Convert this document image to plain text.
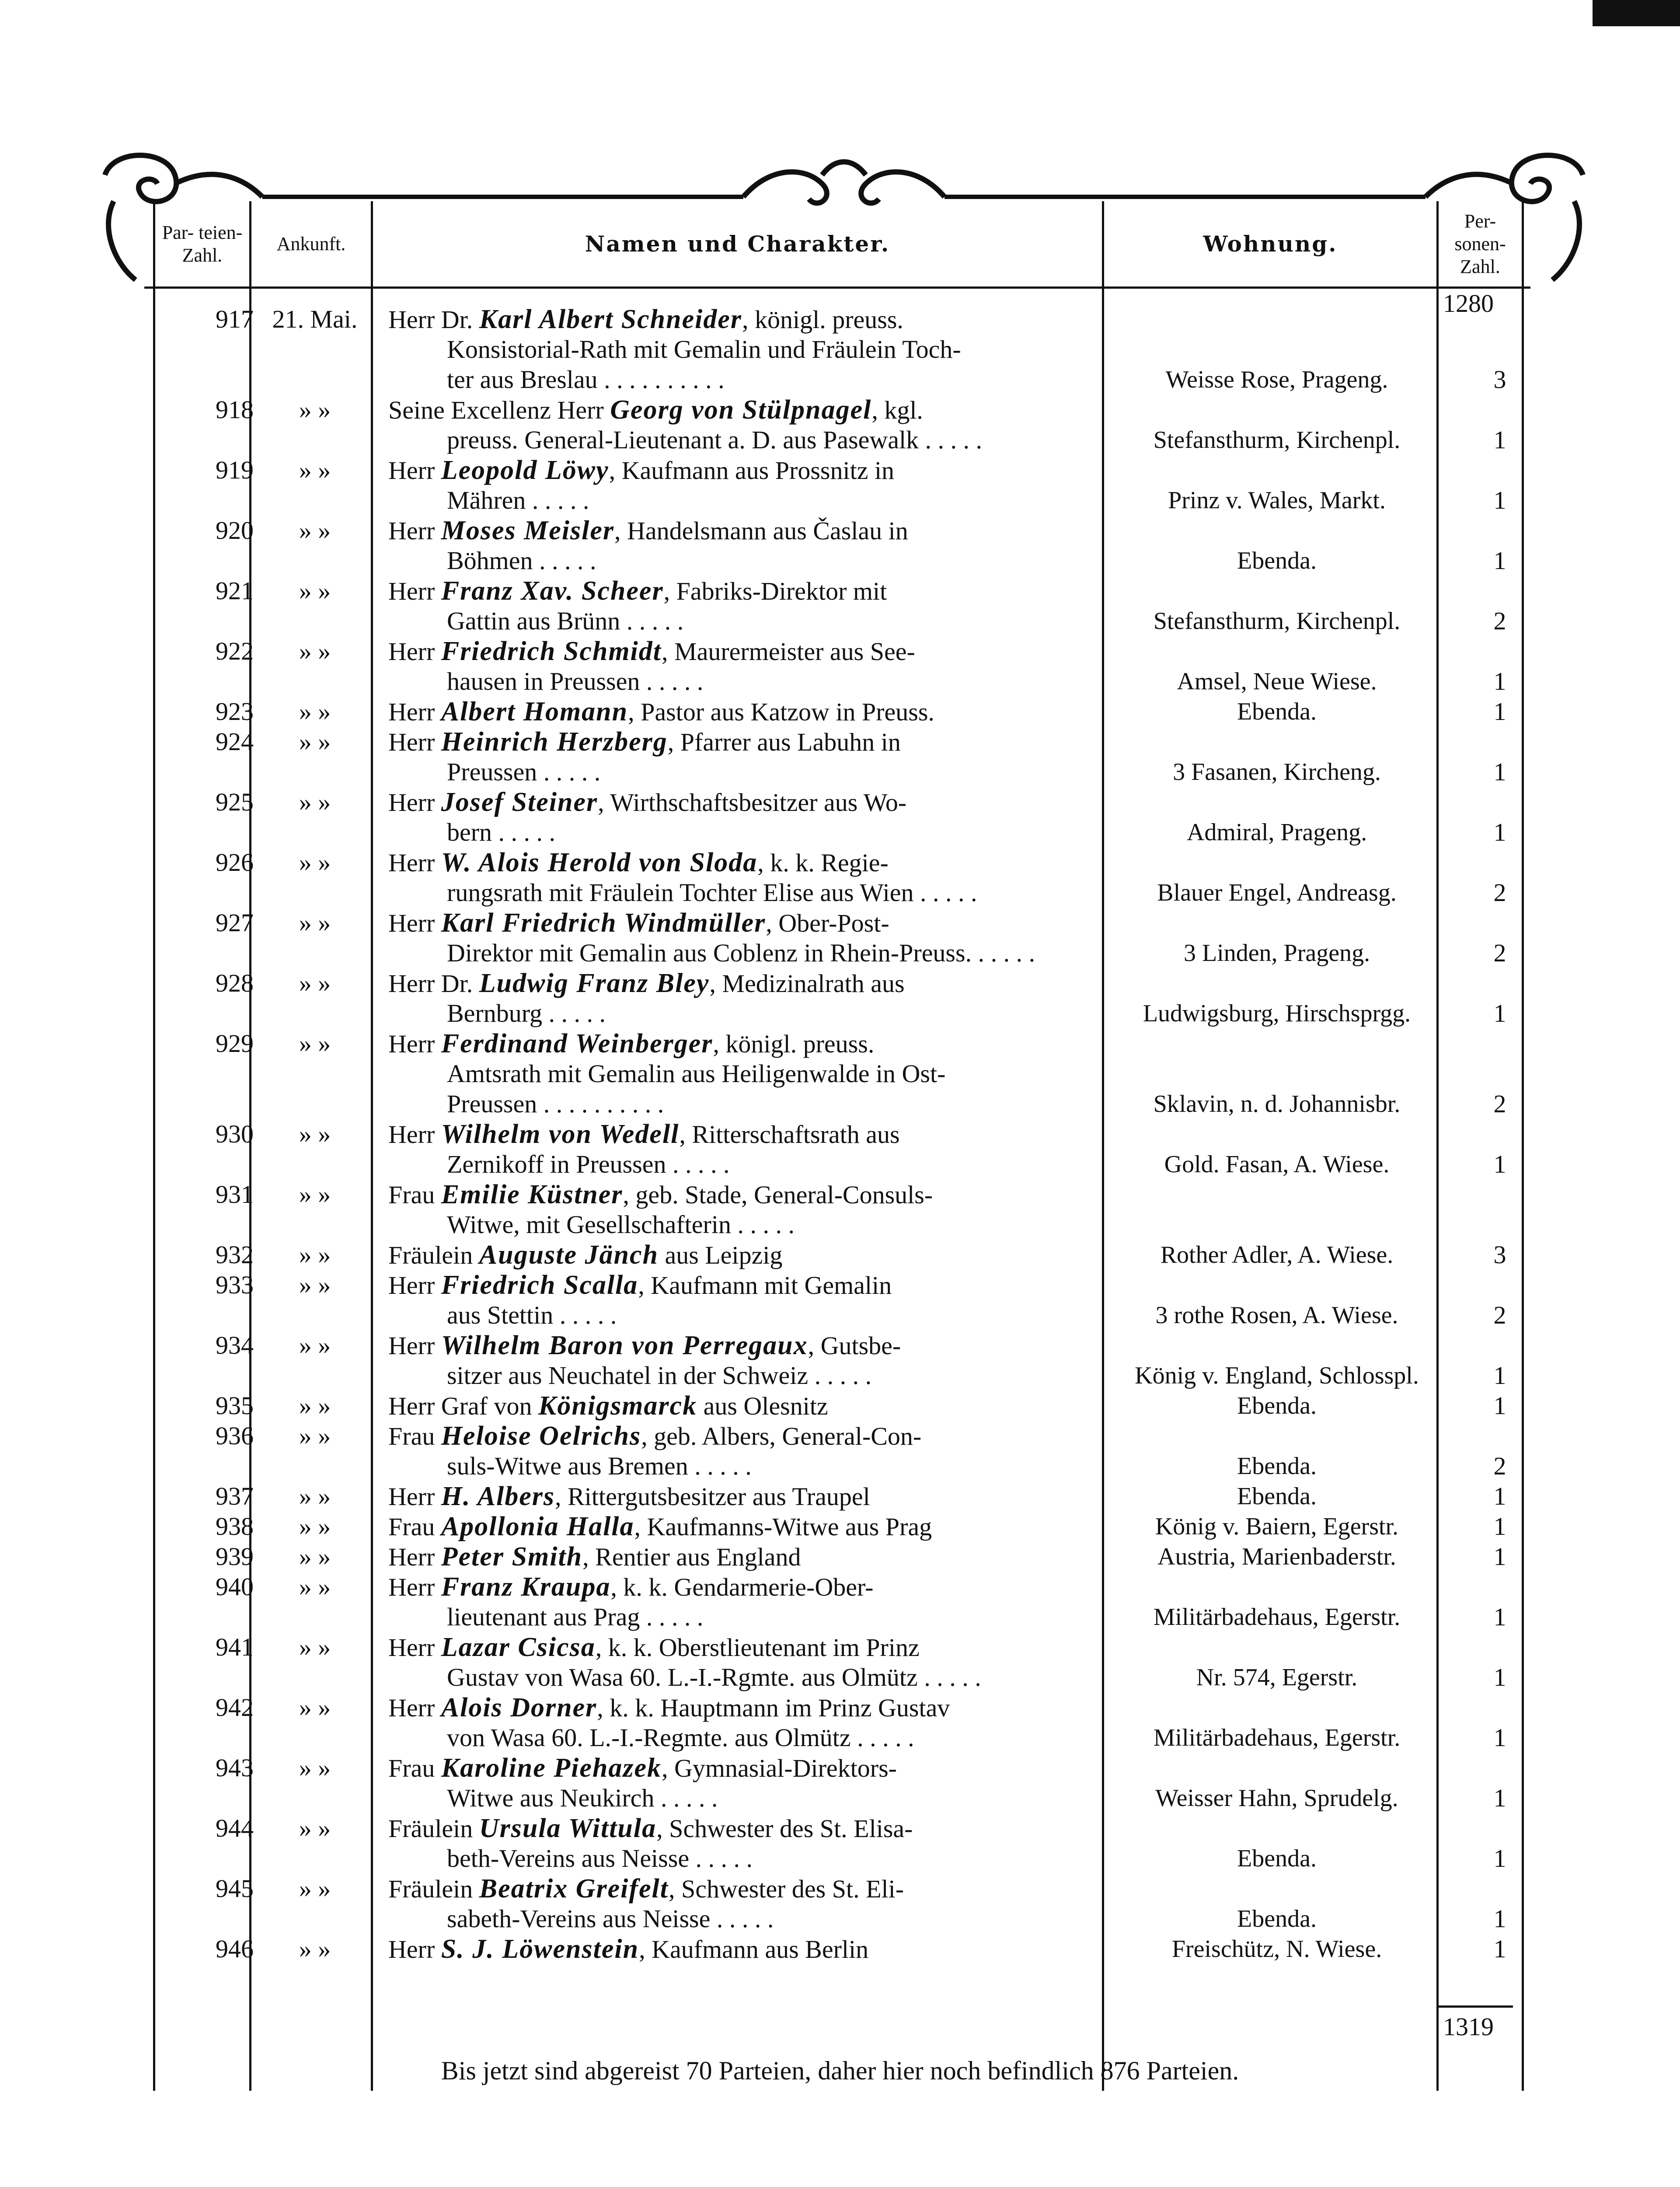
Par- teien- Zahl.
Ankunft.	Namen und Charakter.	Wohnung.
Per- sonen- Zahl.
1280
917 21. Mai.	Herr Dr. Karl Albert Schneider, königl. preuss.
Konsistorial-Rath mit Gemalin und Fräulein Toch-
ter aus Breslau . . . . . . . . . .	Weisse Rose, Prageng.	3
918	» »	Seine Excellenz Herr Georg von Stülpnagel, kgl.
preuss. General-Lieutenant a. D. aus Pasewalk . . . . .	Stefansthurm, Kirchenpl.	1
919	» »	Herr Leopold Löwy, Kaufmann aus Prossnitz in
Mähren . . . . .	Prinz v. Wales, Markt.	1
920	» »	Herr Moses Meisler, Handelsmann aus Časlau in
Böhmen . . . . .	Ebenda.	1
921	» »	Herr Franz Xav. Scheer, Fabriks-Direktor mit
Gattin aus Brünn . . . . .	Stefansthurm, Kirchenpl.	2
922	» »	Herr Friedrich Schmidt, Maurermeister aus See-
hausen in Preussen . . . . .	Amsel, Neue Wiese.	1
923	» »	Herr Albert Homann, Pastor aus Katzow in Preuss.	Ebenda.	1
924	» »	Herr Heinrich Herzberg, Pfarrer aus Labuhn in
Preussen . . . . .	3 Fasanen, Kircheng.	1
925	» »	Herr Josef Steiner, Wirthschaftsbesitzer aus Wo-
bern . . . . .	Admiral, Prageng.	1
926	» »	Herr W. Alois Herold von Sloda, k. k. Regie-
rungsrath mit Fräulein Tochter Elise aus Wien . . . . .	Blauer Engel, Andreasg.	2
927	» »	Herr Karl Friedrich Windmüller, Ober-Post-
Direktor mit Gemalin aus Coblenz in Rhein-Preuss. . . . . .	3 Linden, Prageng.	2
928	» »	Herr Dr. Ludwig Franz Bley, Medizinalrath aus
Bernburg . . . . .	Ludwigsburg, Hirschsprgg.	1
929	» »	Herr Ferdinand Weinberger, königl. preuss.
Amtsrath mit Gemalin aus Heiligenwalde in Ost-
Preussen . . . . . . . . . .	Sklavin, n. d. Johannisbr.	2
930	» »	Herr Wilhelm von Wedell, Ritterschaftsrath aus
Zernikoff in Preussen . . . . .	Gold. Fasan, A. Wiese.	1
931	» »	Frau Emilie Küstner, geb. Stade, General-Consuls-
Witwe, mit Gesellschafterin . . . . .
932	» »	Fräulein Auguste Jänch aus Leipzig	Rother Adler, A. Wiese.	3
933	» »	Herr Friedrich Scalla, Kaufmann mit Gemalin
aus Stettin . . . . .	3 rothe Rosen, A. Wiese.	2
934	» »	Herr Wilhelm Baron von Perregaux, Gutsbe-
sitzer aus Neuchatel in der Schweiz . . . . .	König v. England, Schlosspl.	1
935	» »	Herr Graf von Königsmarck aus Olesnitz	Ebenda.	1
936	» »	Frau Heloise Oelrichs, geb. Albers, General-Con-
suls-Witwe aus Bremen . . . . .	Ebenda.	2
937	» »	Herr H. Albers, Rittergutsbesitzer aus Traupel	Ebenda.	1
938	» »	Frau Apollonia Halla, Kaufmanns-Witwe aus Prag	König v. Baiern, Egerstr.	1
939	» »	Herr Peter Smith, Rentier aus England	Austria, Marienbaderstr.	1
940	» »	Herr Franz Kraupa, k. k. Gendarmerie-Ober-
lieutenant aus Prag . . . . .	Militärbadehaus, Egerstr.	1
941	» »	Herr Lazar Csicsa, k. k. Oberstlieutenant im Prinz
Gustav von Wasa 60. L.-I.-Rgmte. aus Olmütz . . . . .	Nr. 574, Egerstr.	1
942	» »	Herr Alois Dorner, k. k. Hauptmann im Prinz Gustav
von Wasa 60. L.-I.-Regmte. aus Olmütz . . . . .	Militärbadehaus, Egerstr.	1
943	» »	Frau Karoline Piehazek, Gymnasial-Direktors-
Witwe aus Neukirch . . . . .	Weisser Hahn, Sprudelg.	1
944	» »	Fräulein Ursula Wittula, Schwester des St. Elisa-
beth-Vereins aus Neisse . . . . .	Ebenda.	1
945	» »	Fräulein Beatrix Greifelt, Schwester des St. Eli-
sabeth-Vereins aus Neisse . . . . .	Ebenda.	1
946	» »	Herr S. J. Löwenstein, Kaufmann aus Berlin	Freischütz, N. Wiese.	1
1319
Bis jetzt sind abgereist 70 Parteien, daher hier noch befindlich 876 Parteien.
